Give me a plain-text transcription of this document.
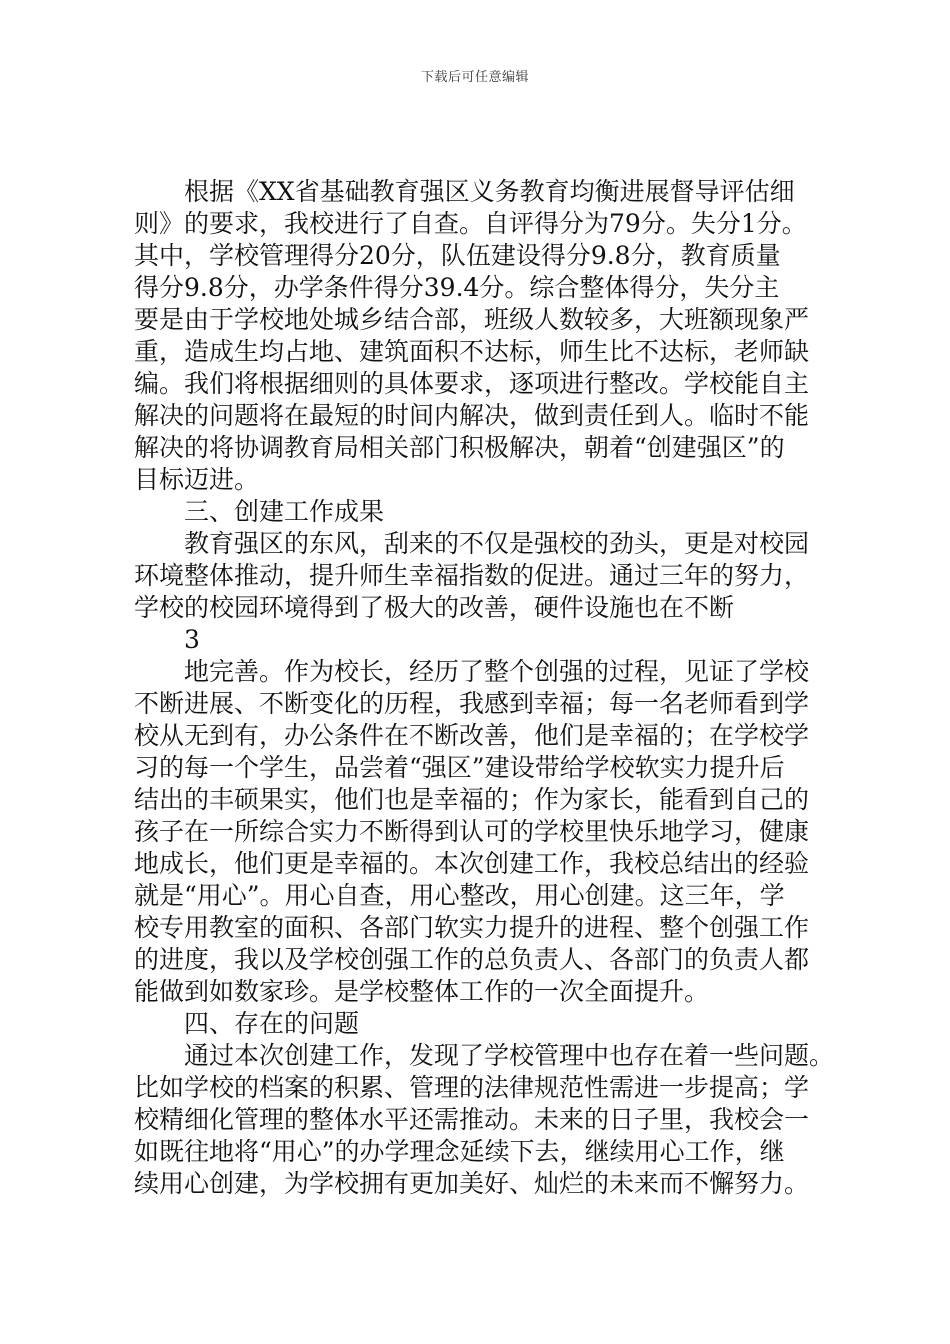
下载后可任意编辑
根据《XX省基础教育强区义务教育均衡进展督导评估细
则》的要求，我校进行了自查。自评得分为79分。失分1分。
其中，学校管理得分20分，队伍建设得分9.8分，教育质量
得分9.8分，办学条件得分39.4分。综合整体得分，失分主
要是由于学校地处城乡结合部，班级人数较多，大班额现象严
重，造成生均占地、建筑面积不达标，师生比不达标，老师缺
编。我们将根据细则的具体要求，逐项进行整改。学校能自主
解决的问题将在最短的时间内解决，做到责任到人。临时不能
解决的将协调教育局相关部门积极解决，朝着“创建强区”的
目标迈进。
三、创建工作成果
教育强区的东风，刮来的不仅是强校的劲头，更是对校园
环境整体推动，提升师生幸福指数的促进。通过三年的努力，
学校的校园环境得到了极大的改善，硬件设施也在不断
3
地完善。作为校长，经历了整个创强的过程，见证了学校
不断进展、不断变化的历程，我感到幸福；每一名老师看到学
校从无到有，办公条件在不断改善，他们是幸福的；在学校学
习的每一个学生，品尝着“强区”建设带给学校软实力提升后
结出的丰硕果实，他们也是幸福的；作为家长，能看到自己的
孩子在一所综合实力不断得到认可的学校里快乐地学习，健康
地成长，他们更是幸福的。本次创建工作，我校总结出的经验
就是“用心”。用心自查，用心整改，用心创建。这三年，学
校专用教室的面积、各部门软实力提升的进程、整个创强工作
的进度，我以及学校创强工作的总负责人、各部门的负责人都
能做到如数家珍。是学校整体工作的一次全面提升。
四、存在的问题
通过本次创建工作，发现了学校管理中也存在着一些问题。
比如学校的档案的积累、管理的法律规范性需进一步提高；学
校精细化管理的整体水平还需推动。未来的日子里，我校会一
如既往地将“用心”的办学理念延续下去，继续用心工作，继
续用心创建，为学校拥有更加美好、灿烂的未来而不懈努力。
